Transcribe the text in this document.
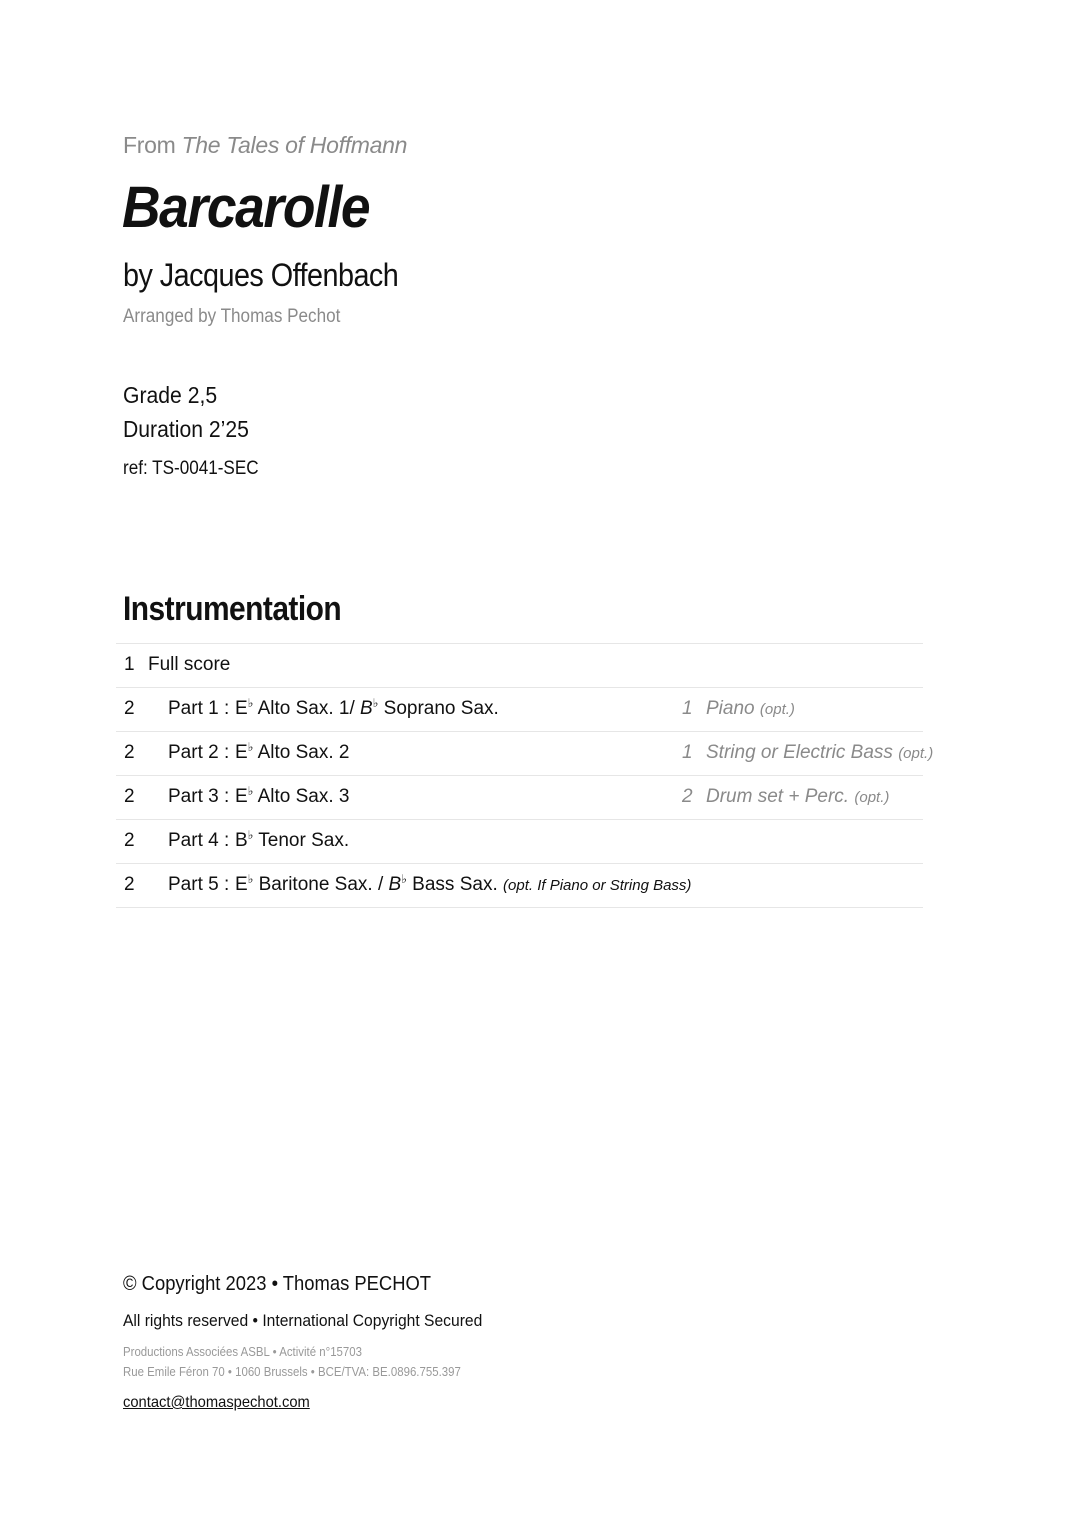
From The Tales of Hoffmann
Barcarolle
by Jacques Offenbach
Arranged by Thomas Pechot
Grade 2,5
Duration 2’25
ref: TS-0041-SEC
Instrumentation
1 Full score
2 Part 1 : E♭ Alto Sax. 1/ B♭ Soprano Sax.	1 Piano (opt.)
2 Part 2 : E♭ Alto Sax. 2	1 String or Electric Bass (opt.)
2 Part 3 : E♭ Alto Sax. 3	2 Drum set + Perc. (opt.)
2 Part 4 : B♭ Tenor Sax.
2 Part 5 : E♭ Baritone Sax. / B♭ Bass Sax. (opt. If Piano or String Bass)
© Copyright 2023 • Thomas PECHOT
All rights reserved • International Copyright Secured
Productions Associées ASBL • Activité n°15703
Rue Emile Féron 70 • 1060 Brussels • BCE/TVA: BE.0896.755.397
contact@thomaspechot.com
